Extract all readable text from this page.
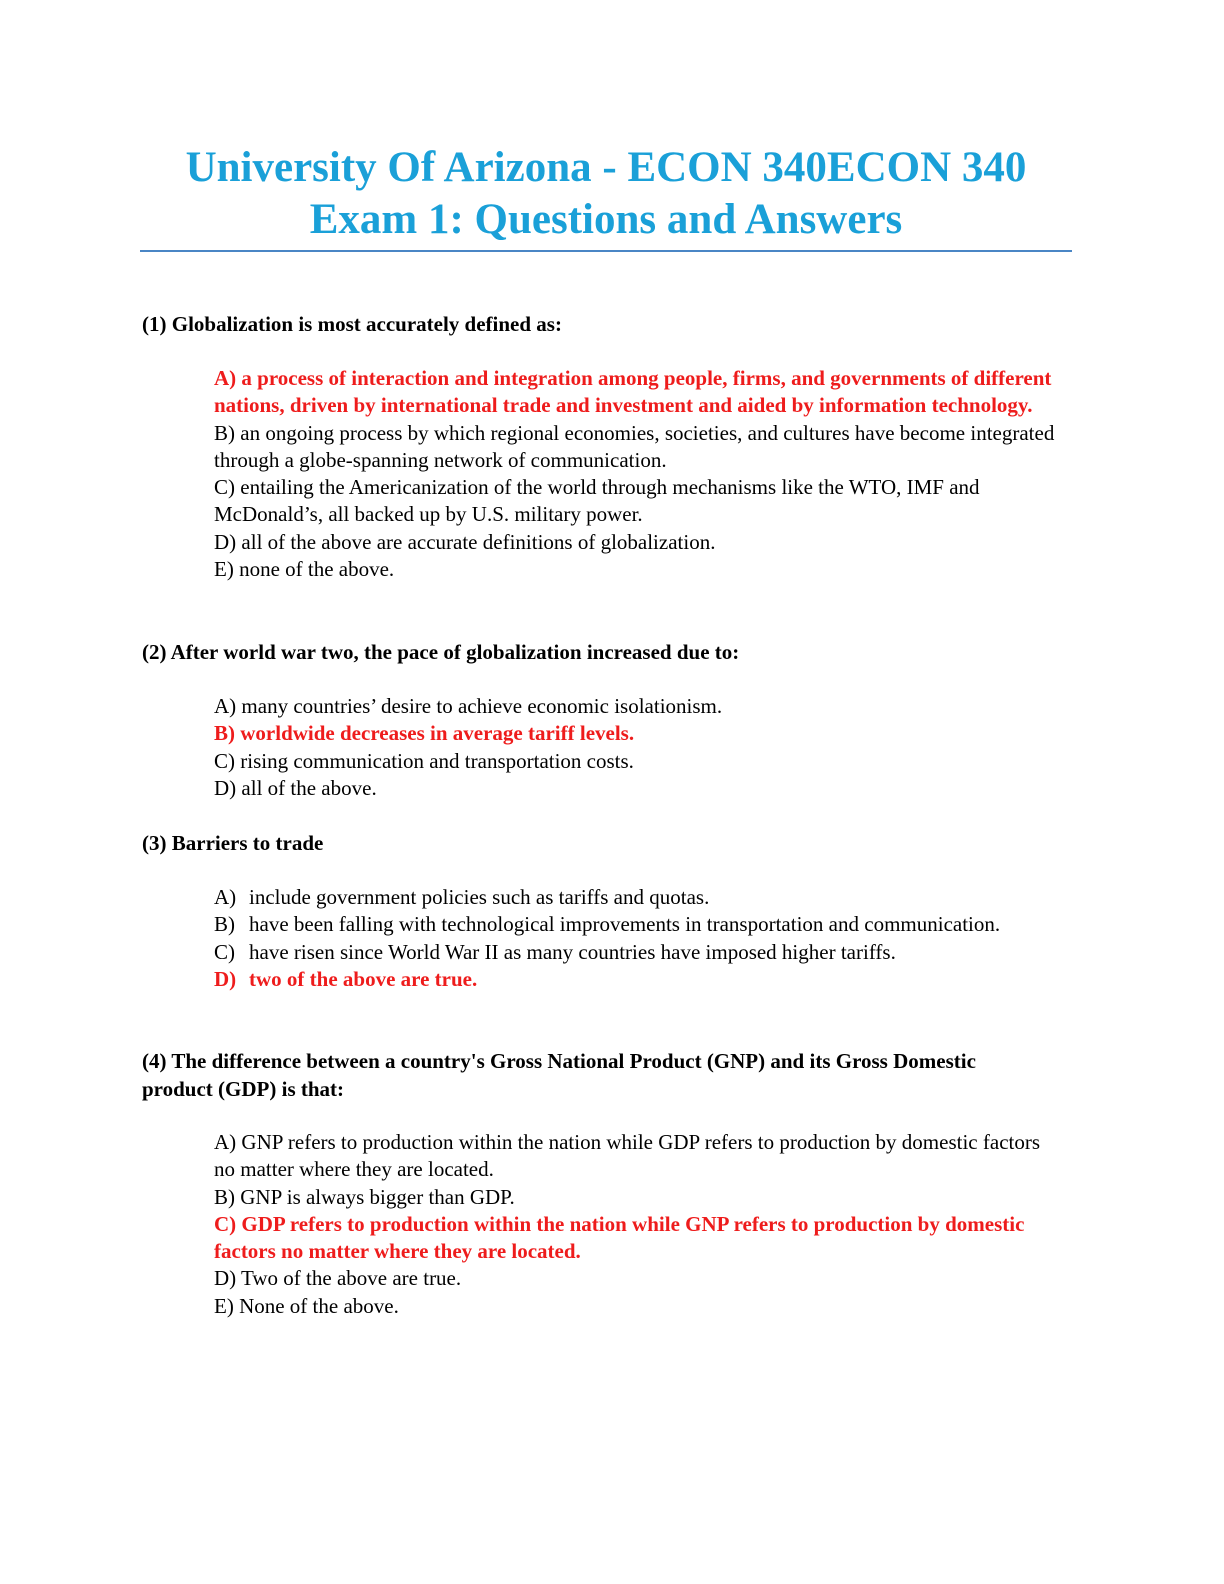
University Of Arizona - ECON 340ECON 340
Exam 1: Questions and Answers
(1) Globalization is most accurately defined as:

A) a process of interaction and integration among people, firms, and governments of different nations, driven by international trade and investment and aided by information technology.

B) an ongoing process by which regional economies, societies, and cultures have become integrated through a globe-spanning network of communication.

C) entailing the Americanization of the world through mechanisms like the WTO, IMF and McDonald’s, all backed up by U.S. military power.

D) all of the above are accurate definitions of globalization.

E) none of the above.

(2) After world war two, the pace of globalization increased due to:

A) many countries’ desire to achieve economic isolationism.

B) worldwide decreases in average tariff levels.

C) rising communication and transportation costs.

D) all of the above.

(3) Barriers to trade
A) include government policies such as tariffs and quotas.
B) have been falling with technological improvements in transportation and communication.
C) have risen since World War II as many countries have imposed higher tariffs.
D) two of the above are true.
(4) The difference between a country's Gross National Product (GNP) and its Gross Domestic product (GDP) is that:

A) GNP refers to production within the nation while GDP refers to production by domestic factors no matter where they are located.

B) GNP is always bigger than GDP.

C) GDP refers to production within the nation while GNP refers to production by domestic factors no matter where they are located.

D) Two of the above are true.

E) None of the above.
